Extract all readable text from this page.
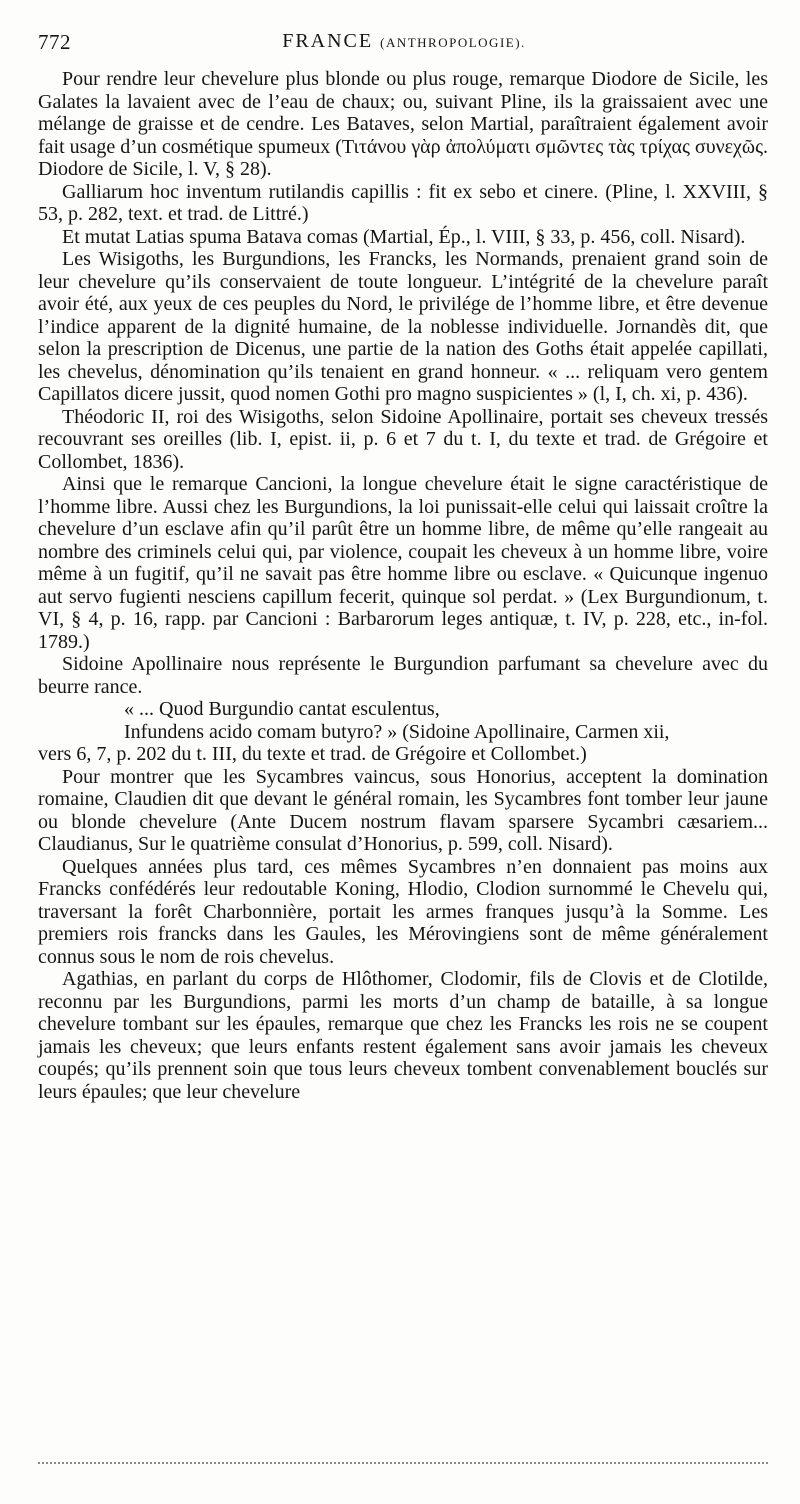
772	FRANCE (ANTHROPOLOGIE).

Pour rendre leur chevelure plus blonde ou plus rouge, remarque Diodore de Sicile, les Galates la lavaient avec de l’eau de chaux; ou, suivant Pline, ils la graissaient avec une mélange de graisse et de cendre. Les Bataves, selon Martial, paraîtraient également avoir fait usage d’un cosmétique spumeux (Τιτάνου γὰρ ἀπολύματι σμῶντες τὰς τρίχας συνεχῶς. Diodore de Sicile, l. V, § 28).

Galliarum hoc inventum rutilandis capillis : fit ex sebo et cinere. (Pline, l. XXVIII, § 53, p. 282, text. et trad. de Littré.)

Et mutat Latias spuma Batava comas (Martial, Ép., l. VIII, § 33, p. 456, coll. Nisard).

Les Wisigoths, les Burgundions, les Francks, les Normands, prenaient grand soin de leur chevelure qu’ils conservaient de toute longueur. L’intégrité de la chevelure paraît avoir été, aux yeux de ces peuples du Nord, le privilége de l’homme libre, et être devenue l’indice apparent de la dignité humaine, de la noblesse individuelle. Jornandès dit, que selon la prescription de Dicenus, une partie de la nation des Goths était appelée capillati, les chevelus, dénomination qu’ils tenaient en grand honneur. « ... reliquam vero gentem Capillatos dicere jussit, quod nomen Gothi pro magno suspicientes » (l, I, ch. xi, p. 436).

Théodoric II, roi des Wisigoths, selon Sidoine Apollinaire, portait ses cheveux tressés recouvrant ses oreilles (lib. I, epist. ii, p. 6 et 7 du t. I, du texte et trad. de Grégoire et Collombet, 1836).

Ainsi que le remarque Cancioni, la longue chevelure était le signe caractéristique de l’homme libre. Aussi chez les Burgundions, la loi punissait-elle celui qui laissait croître la chevelure d’un esclave afin qu’il parût être un homme libre, de même qu’elle rangeait au nombre des criminels celui qui, par violence, coupait les cheveux à un homme libre, voire même à un fugitif, qu’il ne savait pas être homme libre ou esclave. « Quicunque ingenuo aut servo fugienti nesciens capillum fecerit, quinque sol perdat. » (Lex Burgundionum, t. VI, § 4, p. 16, rapp. par Cancioni : Barbarorum leges antiquæ, t. IV, p. 228, etc., in-fol. 1789.)

Sidoine Apollinaire nous représente le Burgundion parfumant sa chevelure avec du beurre rance.

« ... Quod Burgundio cantat esculentus,

Infundens acido comam butyro? » (Sidoine Apollinaire, Carmen xii,

vers 6, 7, p. 202 du t. III, du texte et trad. de Grégoire et Collombet.)

Pour montrer que les Sycambres vaincus, sous Honorius, acceptent la domination romaine, Claudien dit que devant le général romain, les Sycambres font tomber leur jaune ou blonde chevelure (Ante Ducem nostrum flavam sparsere Sycambri cæsariem... Claudianus, Sur le quatrième consulat d’Honorius, p. 599, coll. Nisard).

Quelques années plus tard, ces mêmes Sycambres n’en donnaient pas moins aux Francks confédérés leur redoutable Koning, Hlodio, Clodion surnommé le Chevelu qui, traversant la forêt Charbonnière, portait les armes franques jusqu’à la Somme. Les premiers rois francks dans les Gaules, les Mérovingiens sont de même généralement connus sous le nom de rois chevelus.

Agathias, en parlant du corps de Hlôthomer, Clodomir, fils de Clovis et de Clotilde, reconnu par les Burgundions, parmi les morts d’un champ de bataille, à sa longue chevelure tombant sur les épaules, remarque que chez les Francks les rois ne se coupent jamais les cheveux; que leurs enfants restent également sans avoir jamais les cheveux coupés; qu’ils prennent soin que tous leurs cheveux tombent convenablement bouclés sur leurs épaules; que leur chevelure
